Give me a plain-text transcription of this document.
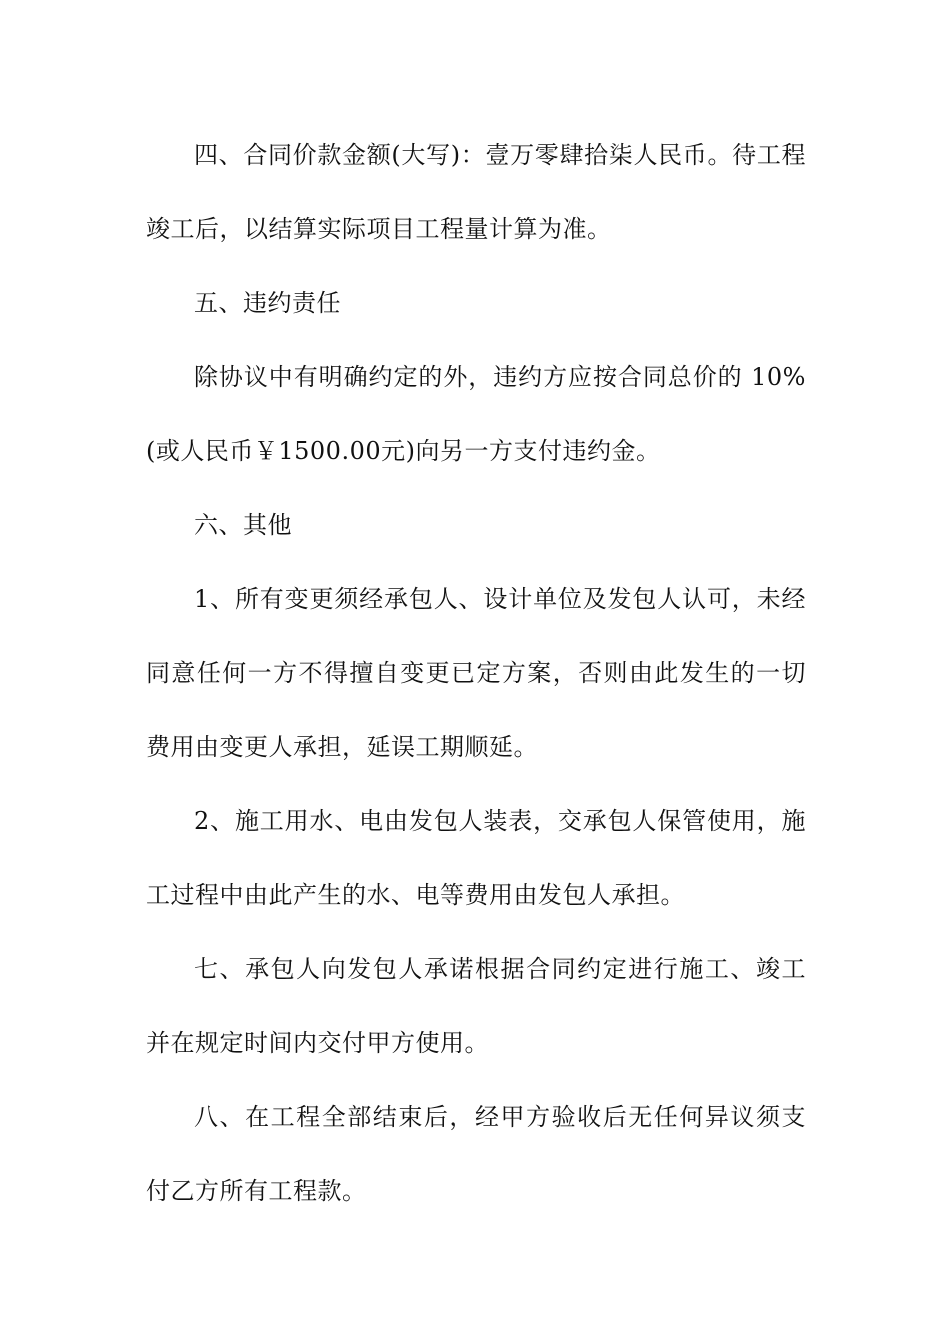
四、合同价款金额(大写)：壹万零肆拾柒人民币。待工程竣工后，以结算实际项目工程量计算为准。

五、违约责任

除协议中有明确约定的外，违约方应按合同总价的 10%(或人民币￥1500.00元)向另一方支付违约金。

六、其他

1、所有变更须经承包人、设计单位及发包人认可，未经同意任何一方不得擅自变更已定方案，否则由此发生的一切费用由变更人承担，延误工期顺延。

2、施工用水、电由发包人装表，交承包人保管使用，施工过程中由此产生的水、电等费用由发包人承担。

七、承包人向发包人承诺根据合同约定进行施工、竣工并在规定时间内交付甲方使用。

八、在工程全部结束后，经甲方验收后无任何异议须支付乙方所有工程款。
